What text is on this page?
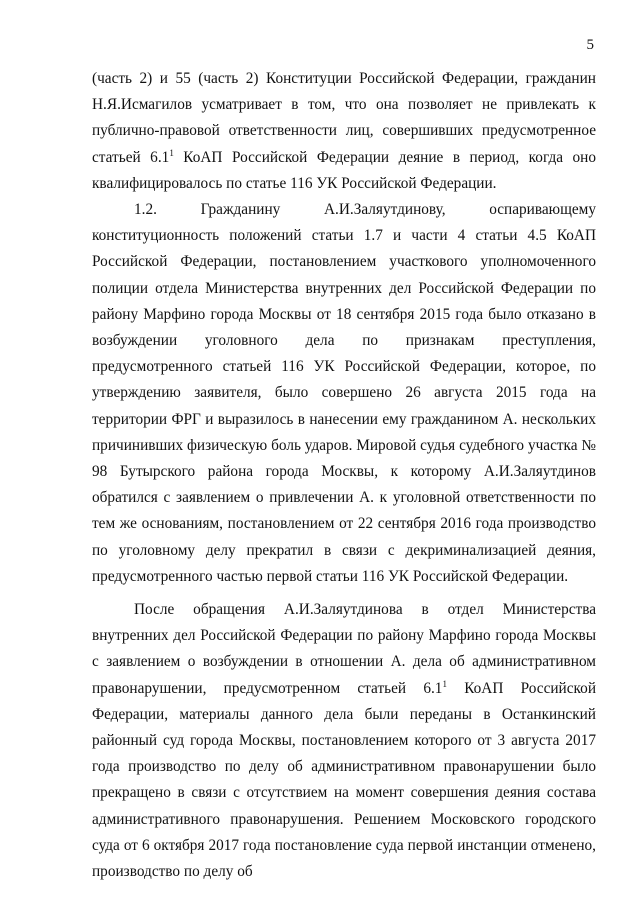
5

(часть 2) и 55 (часть 2) Конституции Российской Федерации, гражданин Н.Я.Исмагилов усматривает в том, что она позволяет не привлекать к публично-правовой ответственности лиц, совершивших предусмотренное статьей $6.1^1$ КоАП Российской Федерации деяние в период, когда оно квалифицировалось по статье 116 УК Российской Федерации.

1.2. Гражданину А.И.Заляутдинову, оспаривающему конституционность положений статьи 1.7 и части 4 статьи 4.5 КоАП Российской Федерации, постановлением участкового уполномоченного полиции отдела Министерства внутренних дел Российской Федерации по району Марфино города Москвы от 18 сентября 2015 года было отказано в возбуждении уголовного дела по признакам преступления, предусмотренного статьей 116 УК Российской Федерации, которое, по утверждению заявителя, было совершено 26 августа 2015 года на территории ФРГ и выразилось в нанесении ему гражданином А. нескольких причинивших физическую боль ударов. Мировой судья судебного участка № 98 Бутырского района города Москвы, к которому А.И.Заляутдинов обратился с заявлением о привлечении А. к уголовной ответственности по тем же основаниям, постановлением от 22 сентября 2016 года производство по уголовному делу прекратил в связи с декриминализацией деяния, предусмотренного частью первой статьи 116 УК Российской Федерации.

После обращения А.И.Заляутдинова в отдел Министерства внутренних дел Российской Федерации по району Марфино города Москвы с заявлением о возбуждении в отношении А. дела об административном правонарушении, предусмотренном статьей $6.1^1$ КоАП Российской Федерации, материалы данного дела были переданы в Останкинский районный суд города Москвы, постановлением которого от 3 августа 2017 года производство по делу об административном правонарушении было прекращено в связи с отсутствием на момент совершения деяния состава административного правонарушения. Решением Московского городского суда от 6 октября 2017 года постановление суда первой инстанции отменено, производство по делу об
